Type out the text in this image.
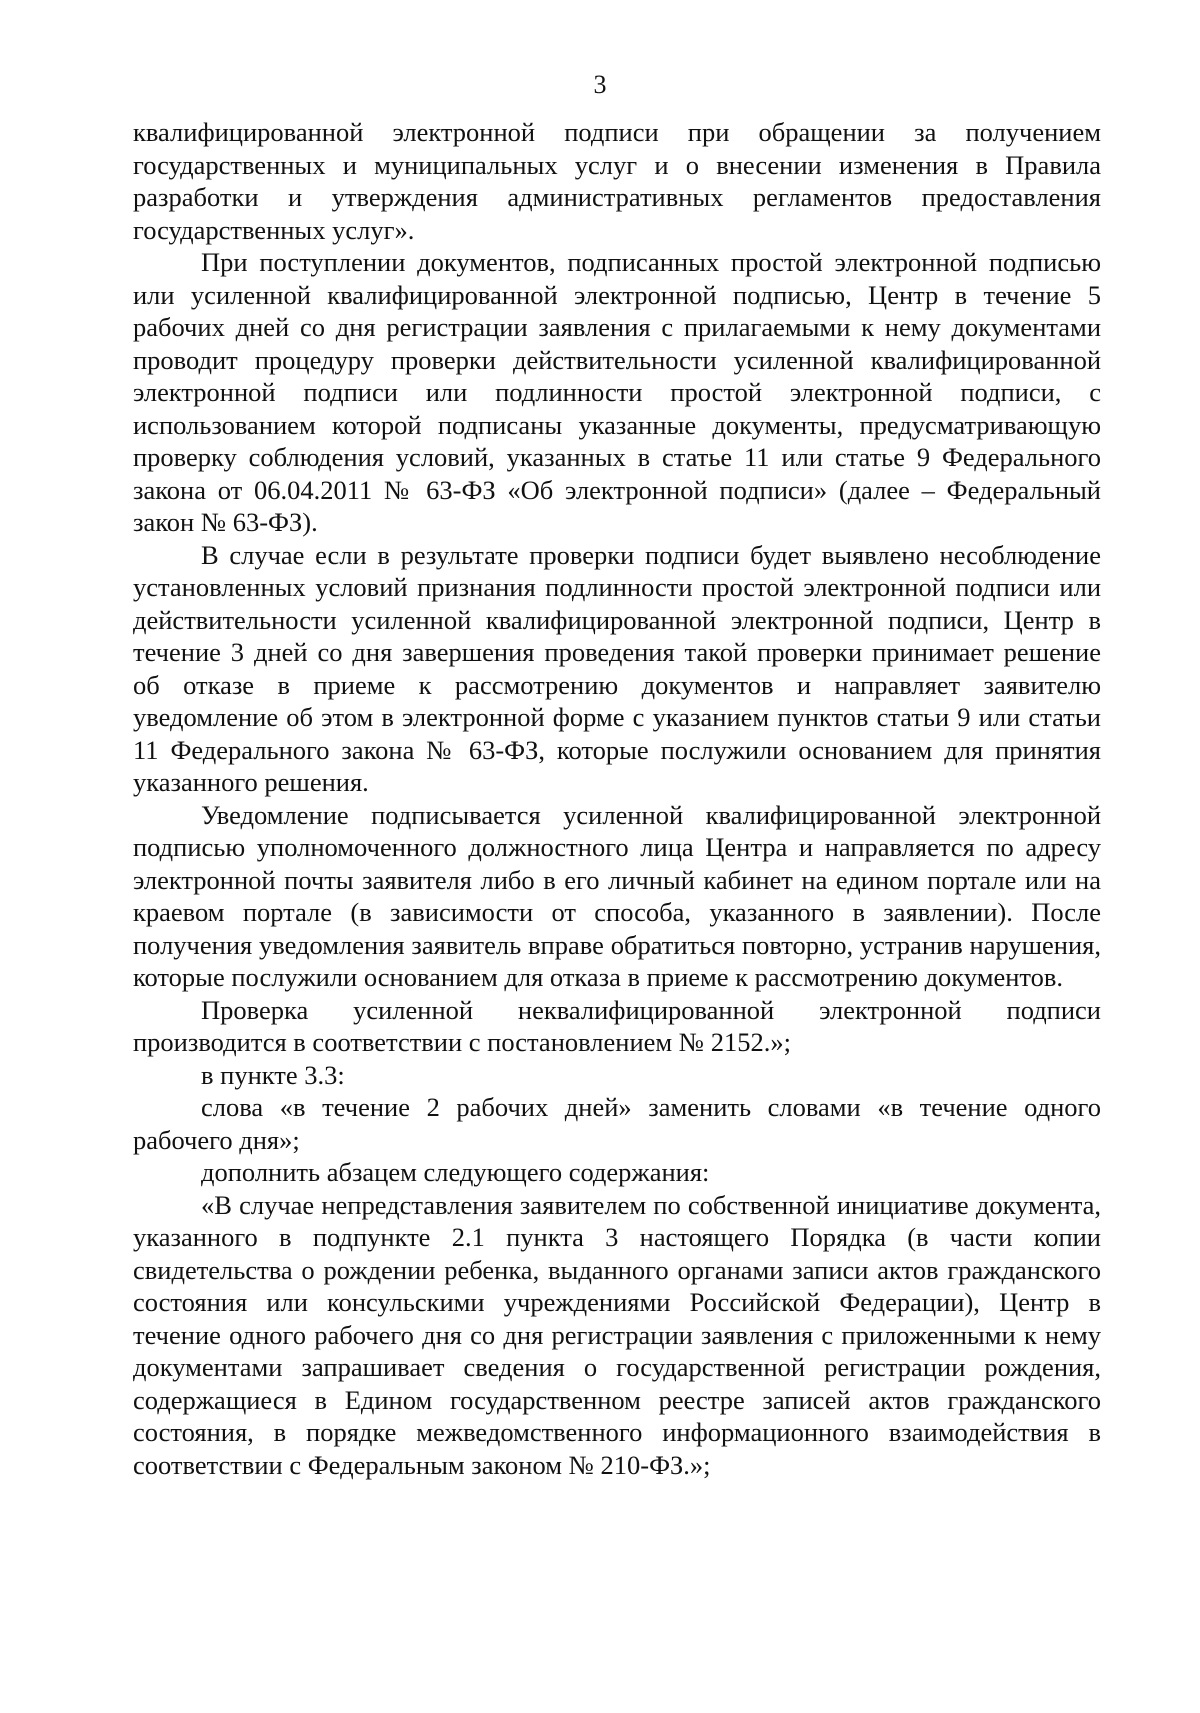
3

квалифицированной электронной подписи при обращении за получением государственных и муниципальных услуг и о внесении изменения в Правила разработки и утверждения административных регламентов предоставления государственных услуг».

При поступлении документов, подписанных простой электронной подписью или усиленной квалифицированной электронной подписью, Центр в течение 5 рабочих дней со дня регистрации заявления с прилагаемыми к нему документами проводит процедуру проверки действительности усиленной квалифицированной электронной подписи или подлинности простой электронной подписи, с использованием которой подписаны указанные документы, предусматривающую проверку соблюдения условий, указанных в статье 11 или статье 9 Федерального закона от 06.04.2011 № 63-ФЗ «Об электронной подписи» (далее – Федеральный закон № 63-ФЗ).

В случае если в результате проверки подписи будет выявлено несоблюдение установленных условий признания подлинности простой электронной подписи или действительности усиленной квалифицированной электронной подписи, Центр в течение 3 дней со дня завершения проведения такой проверки принимает решение об отказе в приеме к рассмотрению документов и направляет заявителю уведомление об этом в электронной форме с указанием пунктов статьи 9 или статьи 11 Федерального закона № 63-ФЗ, которые послужили основанием для принятия указанного решения.

Уведомление подписывается усиленной квалифицированной электронной подписью уполномоченного должностного лица Центра и направляется по адресу электронной почты заявителя либо в его личный кабинет на едином портале или на краевом портале (в зависимости от способа, указанного в заявлении). После получения уведомления заявитель вправе обратиться повторно, устранив нарушения, которые послужили основанием для отказа в приеме к рассмотрению документов.

Проверка усиленной неквалифицированной электронной подписи производится в соответствии с постановлением № 2152.»;

в пункте 3.3:

слова «в течение 2 рабочих дней» заменить словами «в течение одного рабочего дня»;

дополнить абзацем следующего содержания:

«В случае непредставления заявителем по собственной инициативе документа, указанного в подпункте 2.1 пункта 3 настоящего Порядка (в части копии свидетельства о рождении ребенка, выданного органами записи актов гражданского состояния или консульскими учреждениями Российской Федерации), Центр в течение одного рабочего дня со дня регистрации заявления с приложенными к нему документами запрашивает сведения о государственной регистрации рождения, содержащиеся в Едином государственном реестре записей актов гражданского состояния, в порядке межведомственного информационного взаимодействия в соответствии с Федеральным законом № 210-ФЗ.»;
